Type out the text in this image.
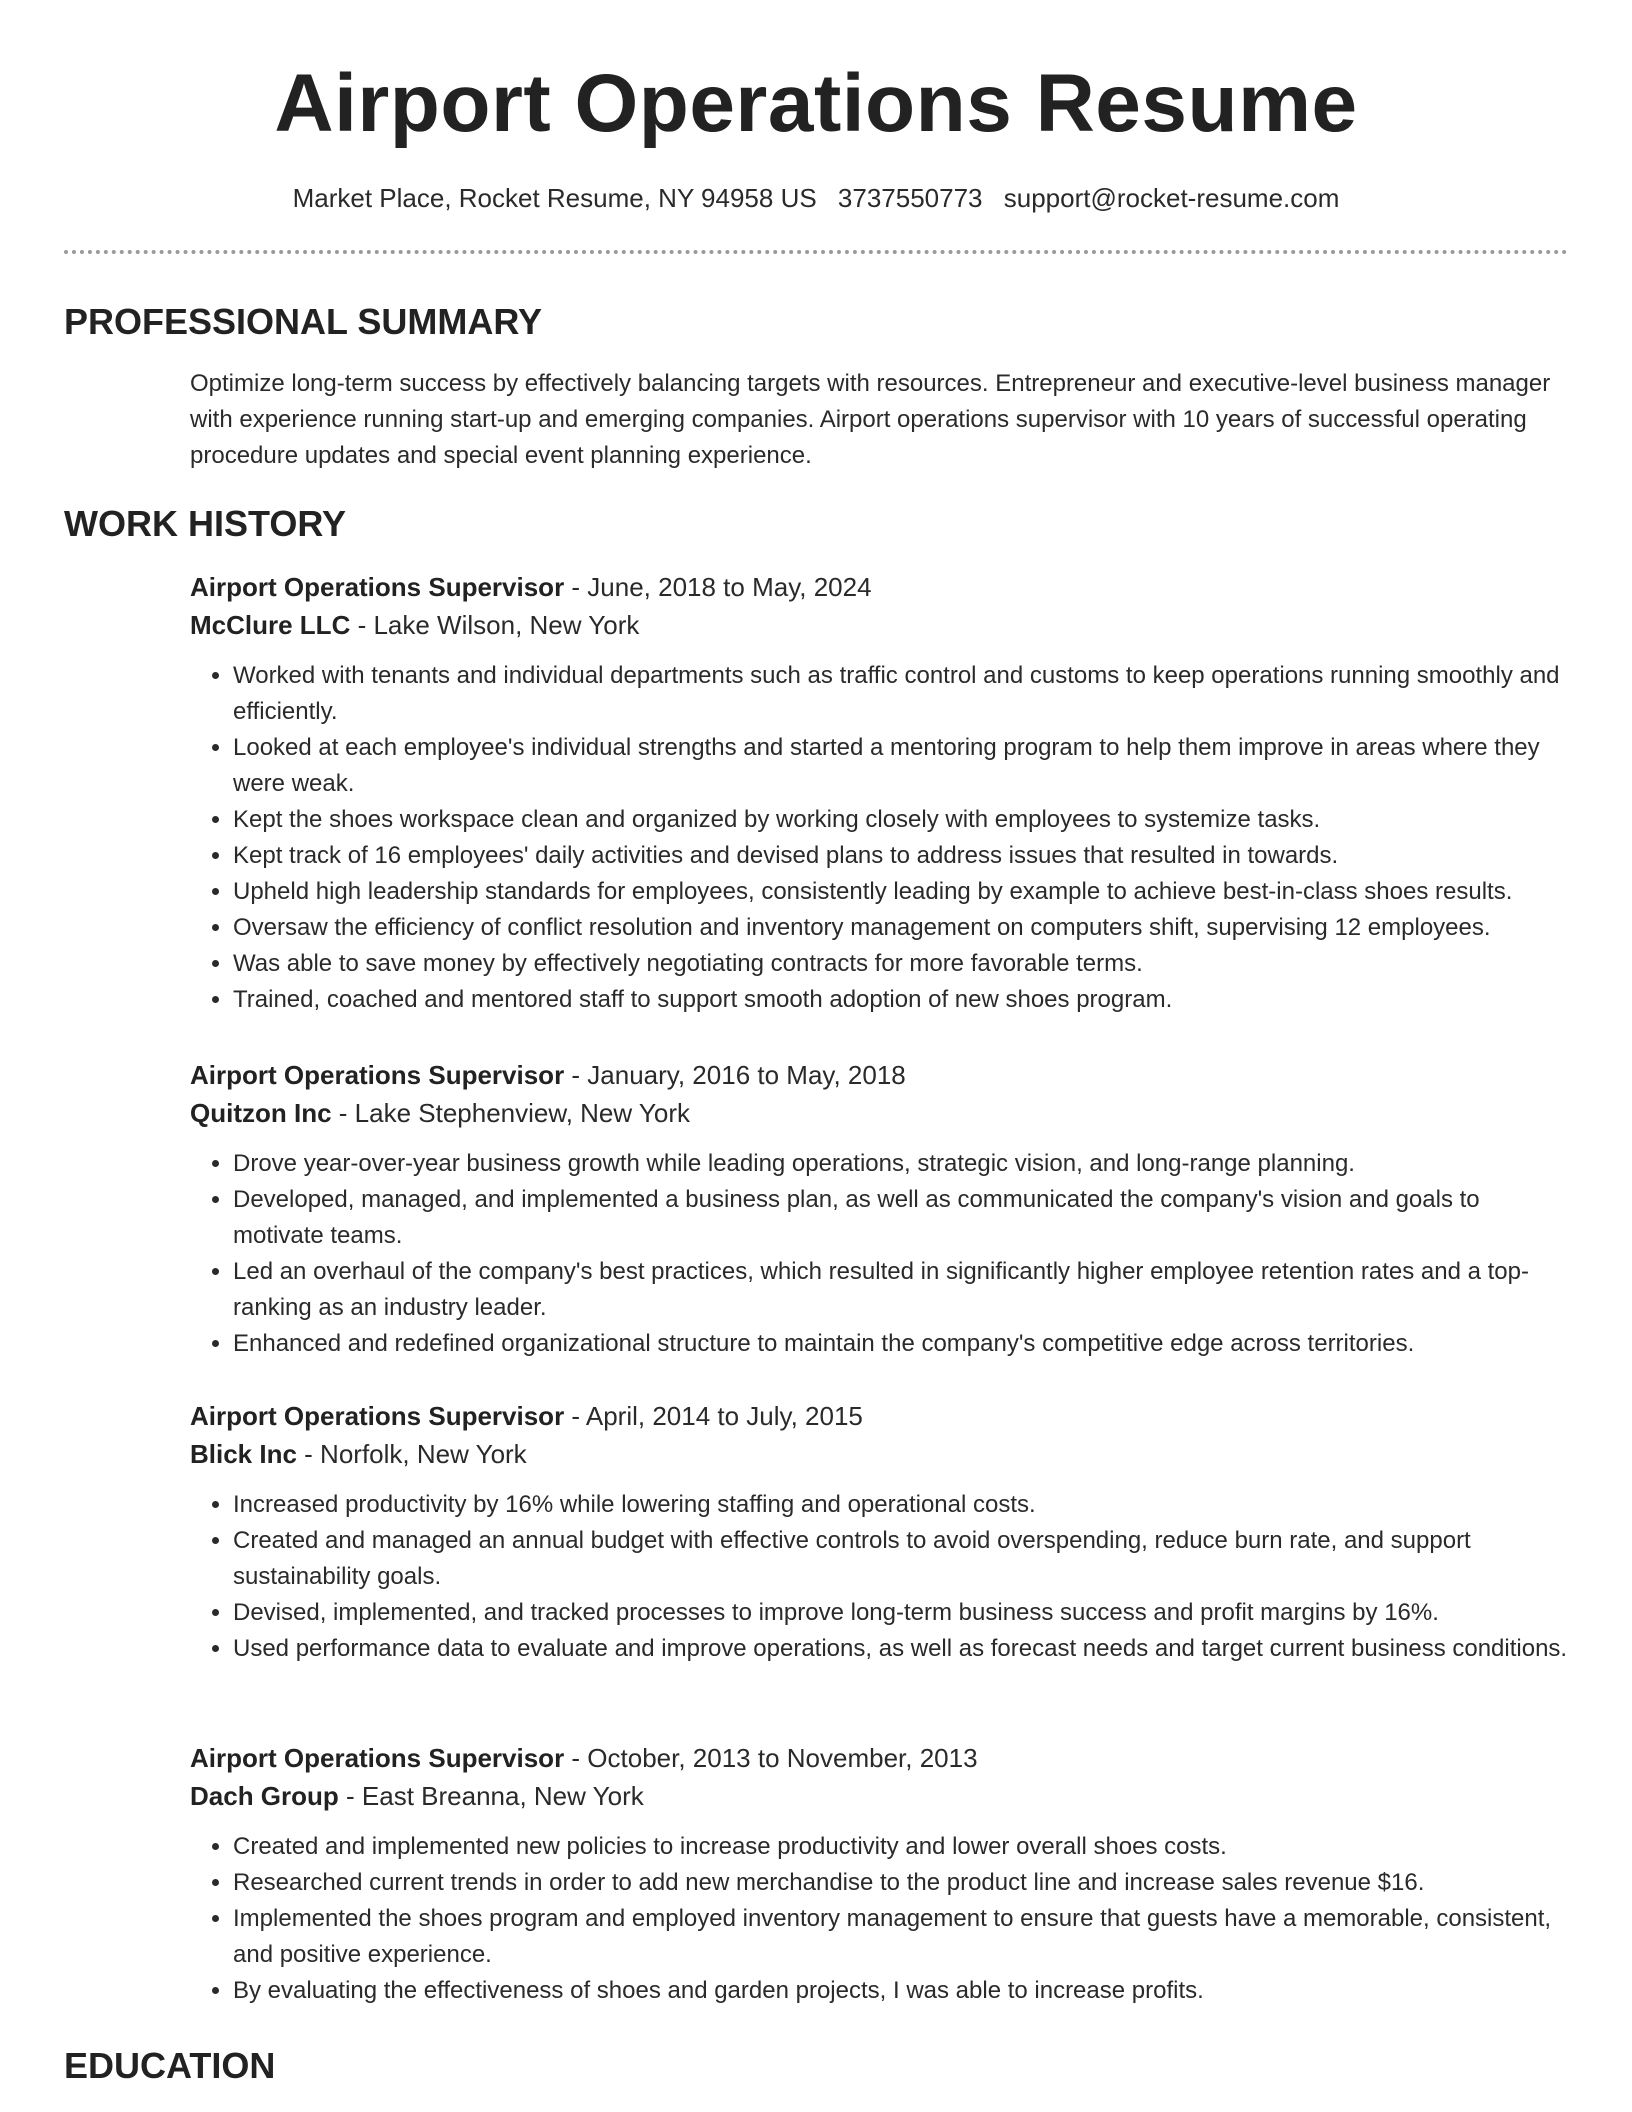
Airport Operations Resume
Market Place, Rocket Resume, NY 94958 US 3737550773 support@rocket-resume.com
PROFESSIONAL SUMMARY
Optimize long-term success by effectively balancing targets with resources. Entrepreneur and executive-level business manager with experience running start-up and emerging companies. Airport operations supervisor with 10 years of successful operating procedure updates and special event planning experience.
WORK HISTORY
Airport Operations Supervisor - June, 2018 to May, 2024
McClure LLC - Lake Wilson, New York
• Worked with tenants and individual departments such as traffic control and customs to keep operations running smoothly and efficiently.
• Looked at each employee's individual strengths and started a mentoring program to help them improve in areas where they were weak.
• Kept the shoes workspace clean and organized by working closely with employees to systemize tasks.
• Kept track of 16 employees' daily activities and devised plans to address issues that resulted in towards.
• Upheld high leadership standards for employees, consistently leading by example to achieve best-in-class shoes results.
• Oversaw the efficiency of conflict resolution and inventory management on computers shift, supervising 12 employees.
• Was able to save money by effectively negotiating contracts for more favorable terms.
• Trained, coached and mentored staff to support smooth adoption of new shoes program.
Airport Operations Supervisor - January, 2016 to May, 2018
Quitzon Inc - Lake Stephenview, New York
• Drove year-over-year business growth while leading operations, strategic vision, and long-range planning.
• Developed, managed, and implemented a business plan, as well as communicated the company's vision and goals to motivate teams.
• Led an overhaul of the company's best practices, which resulted in significantly higher employee retention rates and a top-ranking as an industry leader.
• Enhanced and redefined organizational structure to maintain the company's competitive edge across territories.
Airport Operations Supervisor - April, 2014 to July, 2015
Blick Inc - Norfolk, New York
• Increased productivity by 16% while lowering staffing and operational costs.
• Created and managed an annual budget with effective controls to avoid overspending, reduce burn rate, and support sustainability goals.
• Devised, implemented, and tracked processes to improve long-term business success and profit margins by 16%.
• Used performance data to evaluate and improve operations, as well as forecast needs and target current business conditions.
Airport Operations Supervisor - October, 2013 to November, 2013
Dach Group - East Breanna, New York
• Created and implemented new policies to increase productivity and lower overall shoes costs.
• Researched current trends in order to add new merchandise to the product line and increase sales revenue $16.
• Implemented the shoes program and employed inventory management to ensure that guests have a memorable, consistent, and positive experience.
• By evaluating the effectiveness of shoes and garden projects, I was able to increase profits.
EDUCATION
